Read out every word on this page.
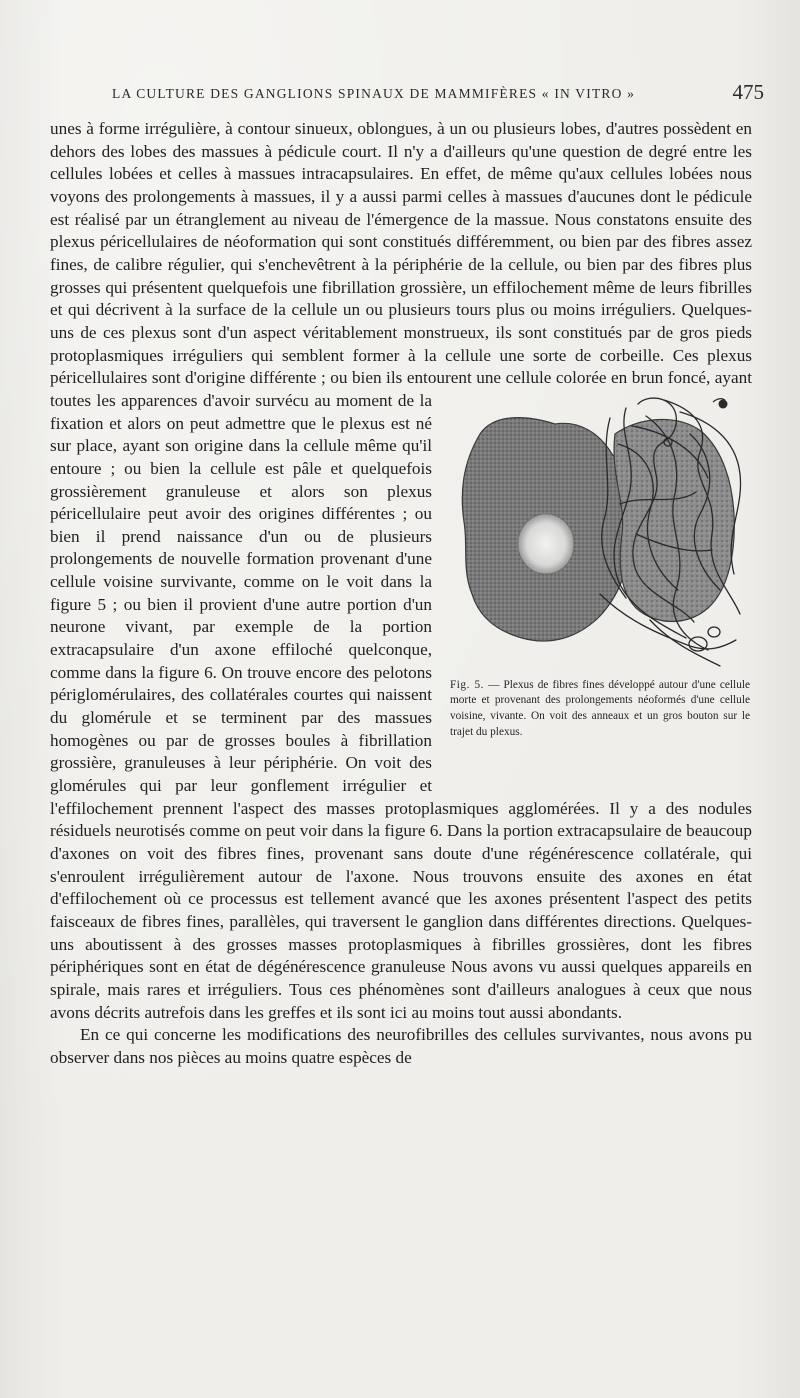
LA CULTURE DES GANGLIONS SPINAUX DE MAMMIFÈRES « IN VITRO »	475

unes à forme irrégulière, à contour sinueux, oblongues, à un ou plusieurs lobes, d'autres possèdent en dehors des lobes des massues à pédicule court. Il n'y a d'ailleurs qu'une question de degré entre les cellules lobées et celles à massues intracapsulaires. En effet, de même qu'aux cellules lobées nous voyons des prolongements à massues, il y a aussi parmi celles à massues d'aucunes dont le pédicule est réalisé par un étranglement au niveau de l'émergence de la massue. Nous constatons ensuite des plexus péricellulaires de néoformation qui sont constitués différemment, ou bien par des fibres assez fines, de calibre régulier, qui s'enchevêtrent à la périphérie de la cellule, ou bien par des fibres plus grosses qui présentent quelquefois une fibrillation grossière, un effilochement même de leurs fibrilles et qui décrivent à la surface de la cellule un ou plusieurs tours plus ou moins irréguliers. Quelques-uns de ces plexus sont d'un aspect véritablement monstrueux, ils sont constitués par de gros pieds protoplasmiques irréguliers qui semblent former à la cellule une sorte de corbeille. Ces plexus péricellulaires sont d'origine différente ; ou bien ils entourent une cellule colorée
Fig. 5. — Plexus de fibres fines développé autour d'une cellule morte et provenant des prolongements néoformés d'une cellule voisine, vivante. On voit des anneaux et un gros bouton sur le trajet du plexus.
en brun foncé, ayant toutes les apparences d'avoir survécu au moment de la fixation et alors on peut admettre que le plexus est né sur place, ayant son origine dans la cellule même qu'il entoure ; ou bien la cellule est pâle et quelquefois grossièrement granuleuse et alors son plexus péricellulaire peut avoir des origines différentes ; ou bien il prend naissance d'un ou de plusieurs prolongements de nouvelle formation provenant d'une cellule voisine survivante, comme on le voit dans la figure 5 ; ou bien il provient d'une autre portion d'un neurone vivant, par exemple de la portion extracapsulaire d'un axone effiloché quelconque, comme dans la figure 6. On trouve encore des pelotons périglomérulaires, des collatérales courtes qui naissent du glomérule et se terminent par des massues homogènes ou par de grosses boules à fibrillation grossière, granuleuses à leur périphérie. On voit des glomérules qui par leur gonflement irrégulier et l'effilochement prennent l'aspect des masses protoplasmiques agglomérées. Il y a des nodules résiduels neurotisés comme on peut voir dans la figure 6. Dans la portion extracapsulaire de beaucoup d'axones on voit des fibres fines, provenant sans doute d'une régénérescence collatérale, qui s'enroulent irrégulièrement autour de l'axone. Nous trouvons ensuite des axones en état d'effilochement où ce processus est tellement avancé que les axones présentent l'aspect des petits faisceaux de fibres fines, parallèles, qui traversent le ganglion dans différentes directions. Quelques-uns aboutissent à des grosses masses protoplasmiques à fibrilles grossières, dont les fibres périphériques sont en état de dégénérescence granuleuse Nous avons vu aussi quelques appareils en spirale, mais rares et irréguliers. Tous ces phénomènes sont d'ailleurs analogues à ceux que nous avons décrits autrefois dans les greffes et ils sont ici au moins tout aussi abondants.

En ce qui concerne les modifications des neurofibrilles des cellules survivantes, nous avons pu observer dans nos pièces au moins quatre espèces de
